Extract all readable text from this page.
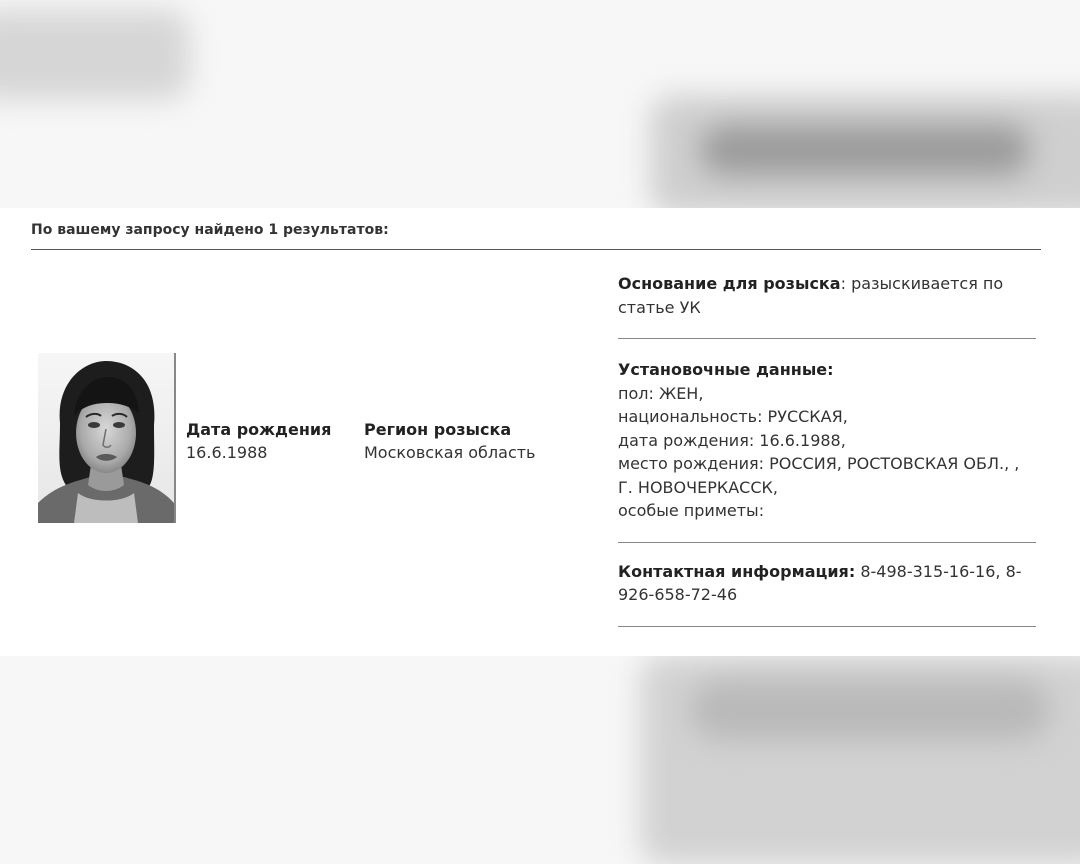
По вашему запросу найдено 1 результатов:
Дата рождения
16.6.1988
Регион розыска Московская область
Основание для розыска: разыскивается по статье УК
Установочные данные:
пол: ЖЕН,
национальность: РУССКАЯ,
дата рождения: 16.6.1988,
место рождения: РОССИЯ, РОСТОВСКАЯ ОБЛ., , Г. НОВОЧЕРКАССК,
особые приметы:
Контактная информация: 8-498-315-16-16, 8-926-658-72-46
